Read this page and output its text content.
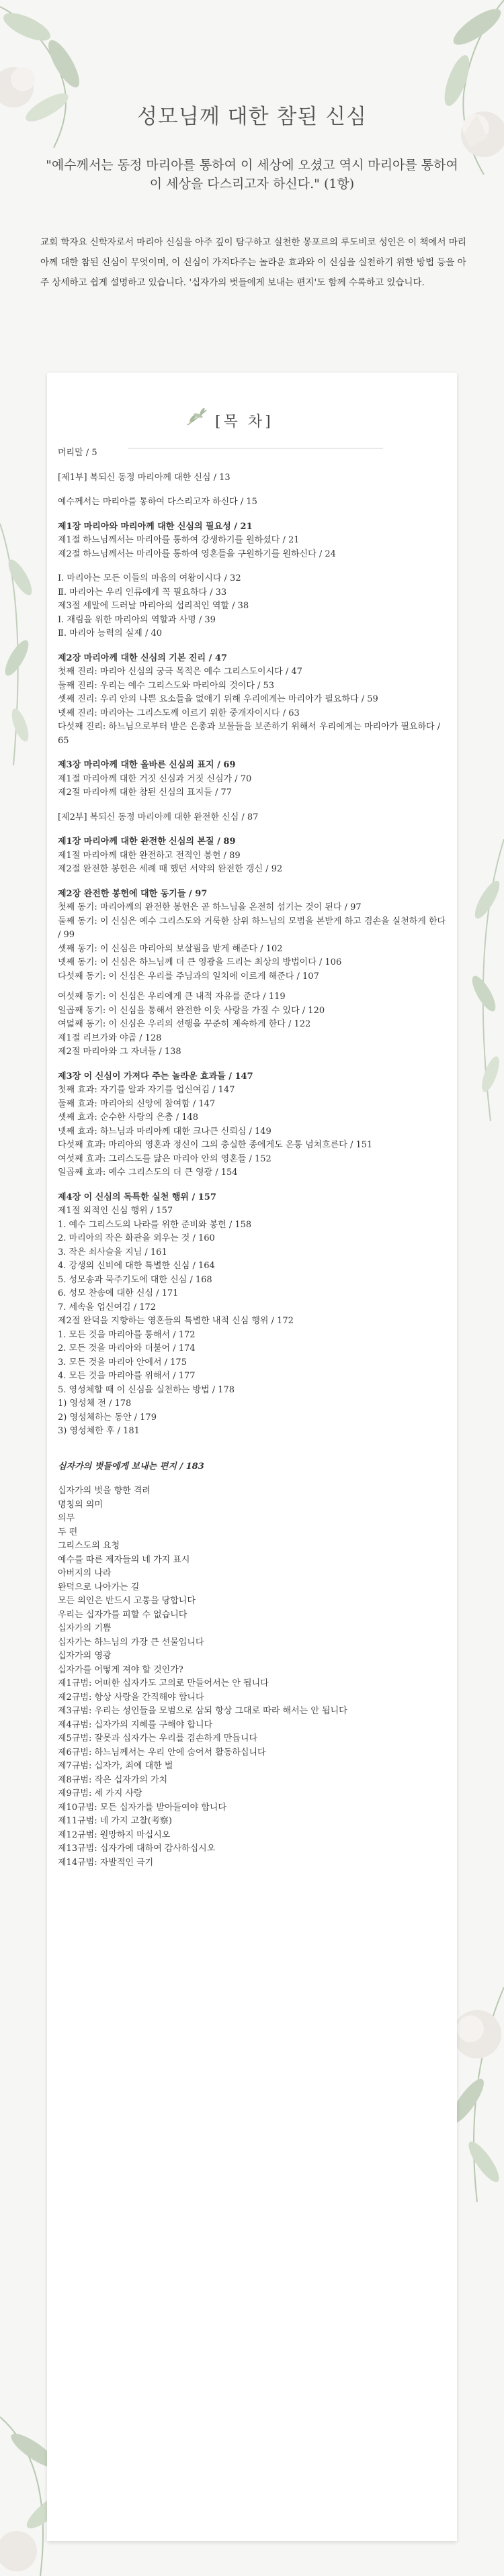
성모님께 대한 참된 신심
"예수께서는 동정 마리아를 통하여 이 세상에 오셨고 역시 마리아를 통하여 이 세상을 다스리고자 하신다." (1항)
교회 학자요 신학자로서 마리아 신심을 아주 깊이 탐구하고 실천한 몽포르의 루도비코 성인은 이 책에서 마리아께 대한 참된 신심이 무엇이며, 이 신심이 가져다주는 놀라운 효과와 이 신심을 실천하기 위한 방법 등을 아주 상세하고 쉽게 설명하고 있습니다. '십자가의 벗들에게 보내는 편지'도 함께 수록하고 있습니다.
[목 차]
머리말 / 5
[제1부] 복되신 동정 마리아께 대한 신심 / 13
예수께서는 마리아를 통하여 다스리고자 하신다 / 15
제1장 마리아와 마리아께 대한 신심의 필요성 / 21
제1절 하느님께서는 마리아를 통하여 강생하기를 원하셨다 / 21
제2절 하느님께서는 마리아를 통하여 영혼들을 구원하기를 원하신다 / 24
Ⅰ. 마리아는 모든 이들의 마음의 여왕이시다 / 32
Ⅱ. 마리아는 우리 인류에게 꼭 필요하다 / 33
제3절 세말에 드러날 마리아의 섭리적인 역할 / 38
Ⅰ. 재림을 위한 마리아의 역할과 사명 / 39
Ⅱ. 마리아 능력의 실제 / 40
제2장 마리아께 대한 신심의 기본 진리 / 47
첫째 진리: 마리아 신심의 궁극 목적은 예수 그리스도이시다 / 47
둘째 진리: 우리는 예수 그리스도와 마리아의 것이다 / 53
셋째 진리: 우리 안의 나쁜 요소들을 없애기 위해 우리에게는 마리아가 필요하다 / 59
넷째 진리: 마리아는 그리스도께 이르기 위한 중개자이시다 / 63
다섯째 진리: 하느님으로부터 받은 은총과 보물들을 보존하기 위해서 우리에게는 마리아가 필요하다 / 65
제3장 마리아께 대한 올바른 신심의 표지 / 69
제1절 마리아께 대한 거짓 신심과 거짓 신심가 / 70
제2절 마리아께 대한 참된 신심의 표지들 / 77
[제2부] 복되신 동정 마리아께 대한 완전한 신심 / 87
제1장 마리아께 대한 완전한 신심의 본질 / 89
제1절 마리아께 대한 완전하고 전적인 봉헌 / 89
제2절 완전한 봉헌은 세례 때 했던 서약의 완전한 갱신 / 92
제2장 완전한 봉헌에 대한 동기들 / 97
첫째 동기: 마리아께의 완전한 봉헌은 곧 하느님을 온전히 섬기는 것이 된다 / 97
둘째 동기: 이 신심은 예수 그리스도와 거룩한 삼위 하느님의 모범을 본받게 하고 겸손을 실천하게 한다 / 99
셋째 동기: 이 신심은 마리아의 보살핌을 받게 해준다 / 102
넷째 동기: 이 신심은 하느님께 더 큰 영광을 드리는 최상의 방법이다 / 106
다섯째 동기: 이 신심은 우리를 주님과의 일치에 이르게 해준다 / 107
여섯째 동기: 이 신심은 우리에게 큰 내적 자유를 준다 / 119
일곱째 동기: 이 신심을 통해서 완전한 이웃 사랑을 가질 수 있다 / 120
여덟째 동기: 이 신심은 우리의 선행을 꾸준히 계속하게 한다 / 122
제1절 리브가와 야곱 / 128
제2절 마리아와 그 자녀들 / 138
제3장 이 신심이 가져다 주는 놀라운 효과들 / 147
첫째 효과: 자기를 알과 자기를 업신여김 / 147
둘째 효과: 마리아의 신앙에 참여함 / 147
셋째 효과: 순수한 사랑의 은총 / 148
넷째 효과: 하느님과 마리아께 대한 크나큰 신뢰심 / 149
다섯째 효과: 마리아의 영혼과 정신이 그의 충실한 종에게도 온통 넘쳐흐른다 / 151
여섯째 효과: 그리스도를 닮은 마리아 안의 영혼들 / 152
일곱째 효과: 예수 그리스도의 더 큰 영광 / 154
제4장 이 신심의 독특한 실천 행위 / 157
제1절 외적인 신심 행위 / 157
1. 예수 그리스도의 나라를 위한 준비와 봉헌 / 158
2. 마리아의 작은 화관을 외우는 것 / 160
3. 작은 쇠사슬을 지님 / 161
4. 강생의 신비에 대한 특별한 신심 / 164
5. 성모송과 묵주기도에 대한 신심 / 168
6. 성모 찬송에 대한 신심 / 171
7. 세속을 업신여김 / 172
제2절 완덕을 지향하는 영혼들의 특별한 내적 신심 행위 / 172
1. 모든 것을 마리아를 통해서 / 172
2. 모든 것을 마리아와 더불어 / 174
3. 모든 것을 마리아 안에서 / 175
4. 모든 것을 마리아를 위해서 / 177
5. 영성체할 때 이 신심을 실천하는 방법 / 178
1) 영성체 전 / 178
2) 영성체하는 동안 / 179
3) 영성체한 후 / 181
십자가의 벗들에게 보내는 편지 / 183
십자가의 벗을 향한 격려
명칭의 의미
의무
두 편
그리스도의 요청
예수를 따른 제자들의 네 가지 표시
아버지의 나라
완덕으로 나아가는 길
모든 의인은 반드시 고통을 당합니다
우리는 십자가를 피할 수 없습니다
십자가의 기쁨
십자가는 하느님의 가장 큰 선물입니다
십자가의 영광
십자가를 어떻게 져야 할 것인가?
제1규범: 어떠한 십자가도 고의로 만들어서는 안 됩니다
제2규범: 항상 사랑을 간직해야 합니다
제3규범: 우리는 성인들을 모범으로 삼되 항상 그대로 따라 해서는 안 됩니다
제4규범: 십자가의 지혜를 구해야 합니다
제5규범: 잘못과 십자가는 우리를 겸손하게 만듭니다
제6규범: 하느님께서는 우리 안에 숨어서 활동하십니다
제7규범: 십자가, 죄에 대한 벌
제8규범: 작은 십자가의 가치
제9규범: 세 가지 사랑
제10규범: 모든 십자가를 받아들여야 합니다
제11규범: 네 가지 고찰(考察)
제12규범: 원망하지 마십시오
제13규범: 십자가에 대하여 감사하십시오
제14규범: 자발적인 극기
